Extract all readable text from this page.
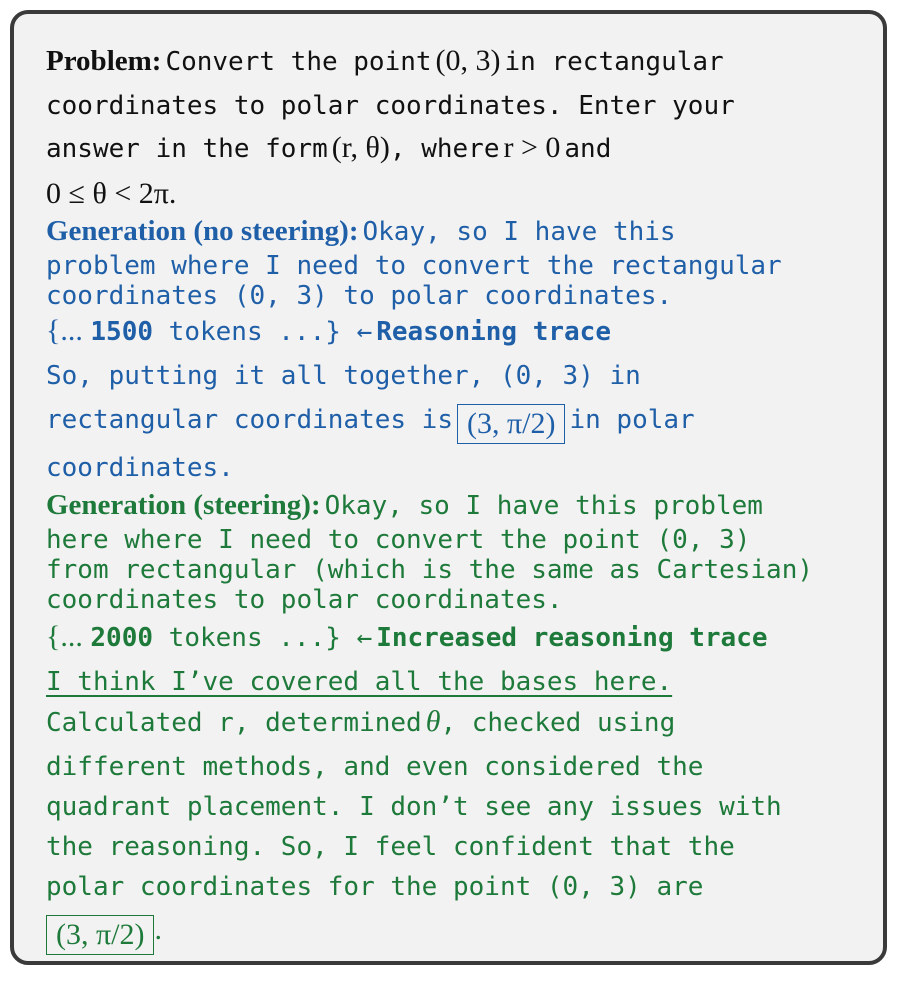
Problem: Convert the point (0, 3) in rectangular
coordinates to polar coordinates. Enter your
answer in the form (r, θ), where r > 0 and
0 ≤ θ < 2π.
Generation (no steering): Okay, so I have this
problem where I need to convert the rectangular
coordinates (0, 3) to polar coordinates.
{... 1500 tokens ...} ← Reasoning trace
So, putting it all together, (0, 3) in
rectangular coordinates is (3, π/2) in polar
coordinates.
Generation (steering): Okay, so I have this problem
here where I need to convert the point (0, 3)
from rectangular (which is the same as Cartesian)
coordinates to polar coordinates.
{... 2000 tokens ...} ← Increased reasoning trace
I think I’ve covered all the bases here.
Calculated r, determined θ, checked using
different methods, and even considered the
quadrant placement. I don’t see any issues with
the reasoning. So, I feel confident that the
polar coordinates for the point (0, 3) are
(3, π/2) .
